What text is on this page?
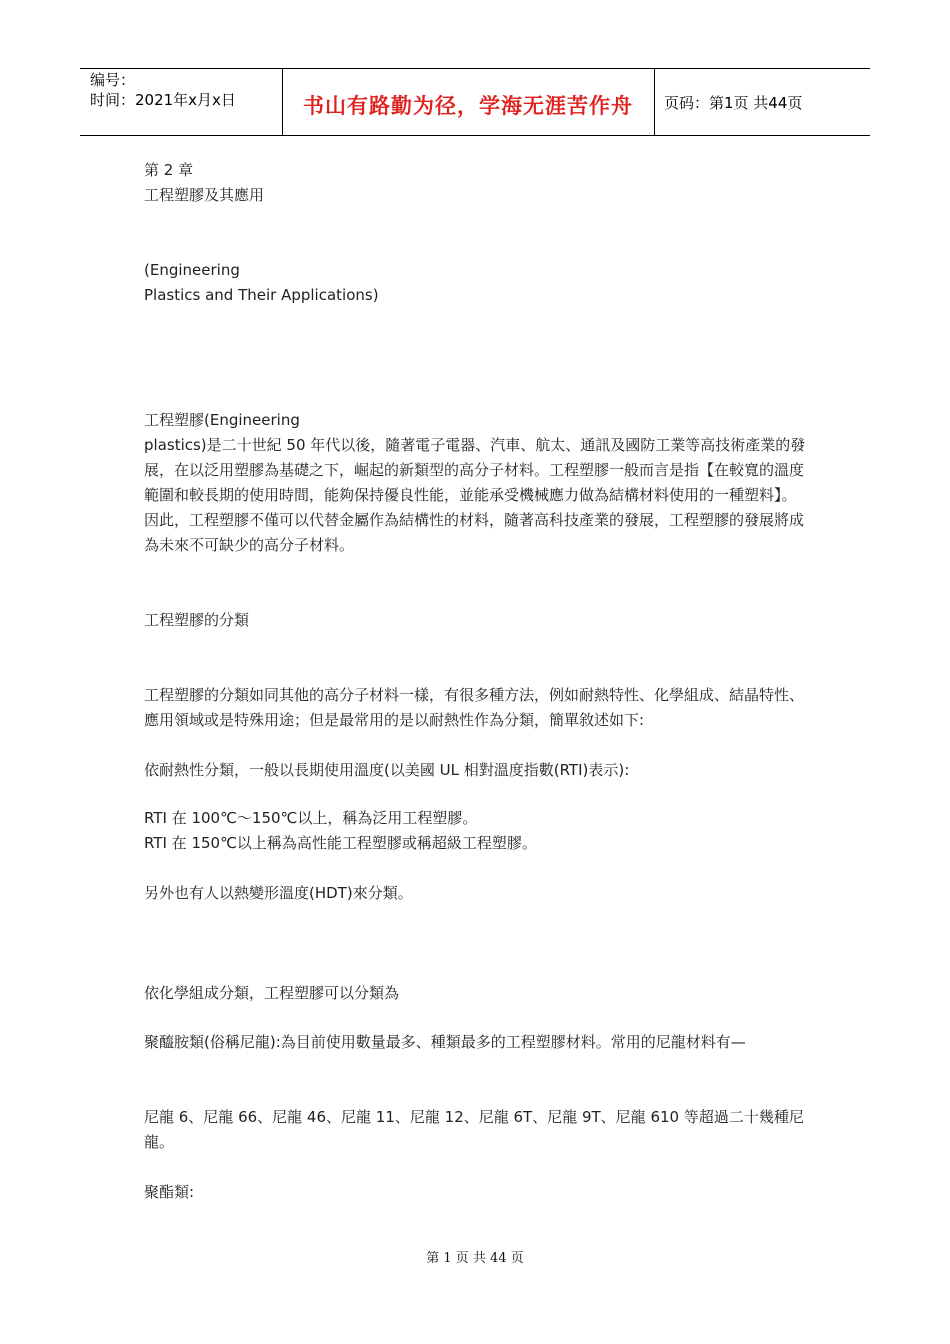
编号：
时间：2021年x月x日	书山有路勤为径，学海无涯苦作舟	页码：第1页 共44页

第 2 章

工程塑膠及其應用

(Engineering

Plastics and Their Applications)

工程塑膠(Engineering

plastics)是二十世紀 50 年代以後，隨著電子電器、汽車、航太、通訊及國防工業等高技術產業的發展，在以泛用塑膠為基礎之下，崛起的新類型的高分子材料。工程塑膠一般而言是指【在較寬的溫度範圍和較長期的使用時間，能夠保持優良性能，並能承受機械應力做為結構材料使用的一種塑料】。因此，工程塑膠不僅可以代替金屬作為結構性的材料，隨著高科技產業的發展，工程塑膠的發展將成為未來不可缺少的高分子材料。

工程塑膠的分類

工程塑膠的分類如同其他的高分子材料一樣，有很多種方法，例如耐熱特性、化學組成、結晶特性、應用領域或是特殊用途；但是最常用的是以耐熱性作為分類，簡單敘述如下:

依耐熱性分類，一般以長期使用溫度(以美國 UL 相對溫度指數(RTI)表示):

RTI 在 100℃～150℃以上，稱為泛用工程塑膠。

RTI 在 150℃以上稱為高性能工程塑膠或稱超級工程塑膠。

另外也有人以熱變形溫度(HDT)來分類。

依化學組成分類，工程塑膠可以分類為

聚醯胺類(俗稱尼龍):為目前使用數量最多、種類最多的工程塑膠材料。常用的尼龍材料有—

尼龍 6、尼龍 66、尼龍 46、尼龍 11、尼龍 12、尼龍 6T、尼龍 9T、尼龍 610 等超過二十幾種尼龍。

聚酯類:

第 1 页 共 44 页
